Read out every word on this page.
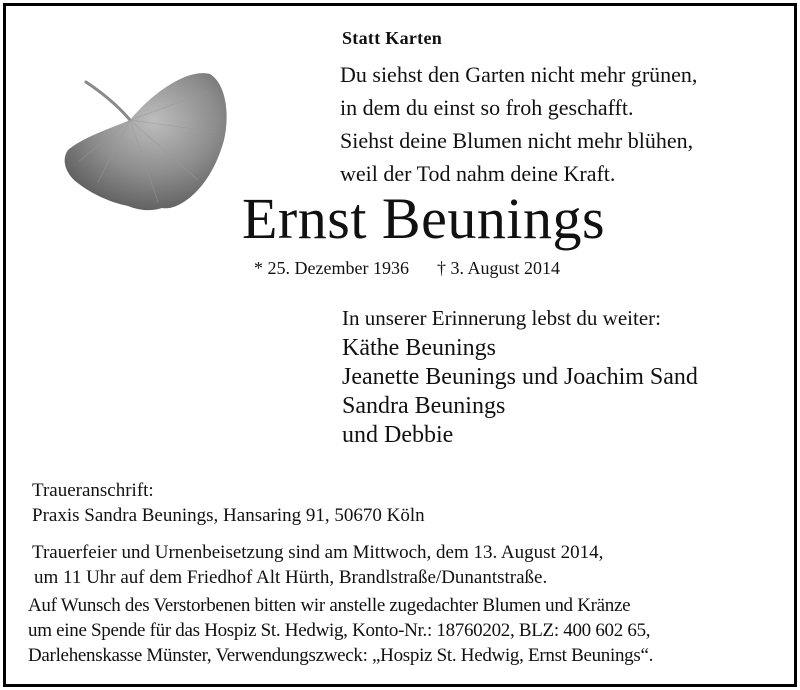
Statt Karten
Du siehst den Garten nicht mehr grünen,
in dem du einst so froh geschafft.
Siehst deine Blumen nicht mehr blühen,
weil der Tod nahm deine Kraft.
Ernst Beunings
* 25. Dezember 1936 † 3. August 2014
In unserer Erinnerung lebst du weiter:
Käthe Beunings
Jeanette Beunings und Joachim Sand
Sandra Beunings
und Debbie
Traueranschrift:
Praxis Sandra Beunings, Hansaring 91, 50670 Köln
Trauerfeier und Urnenbeisetzung sind am Mittwoch, dem 13. August 2014,
um 11 Uhr auf dem Friedhof Alt Hürth, Brandlstraße/Dunantstraße.
Auf Wunsch des Verstorbenen bitten wir anstelle zugedachter Blumen und Kränze
um eine Spende für das Hospiz St. Hedwig, Konto-Nr.: 18760202, BLZ: 400 602 65,
Darlehenskasse Münster, Verwendungszweck: „Hospiz St. Hedwig, Ernst Beunings“.
